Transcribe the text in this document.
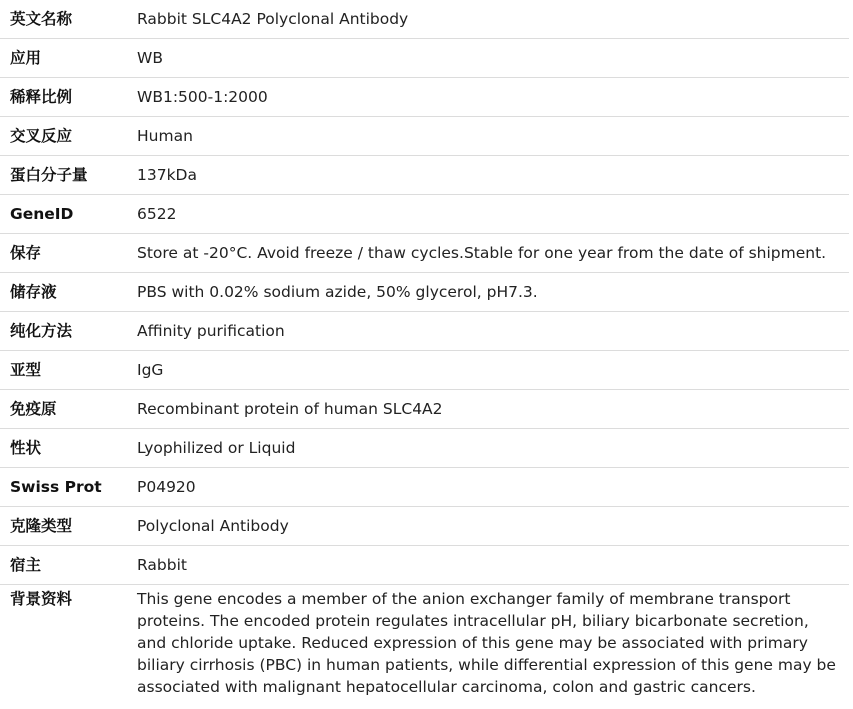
英文名称	Rabbit SLC4A2 Polyclonal Antibody
应用	WB
稀释比例	WB1:500-1:2000
交叉反应	Human
蛋白分子量	137kDa
GeneID	6522
保存	Store at -20°C. Avoid freeze / thaw cycles.Stable for one year from the date of shipment.
储存液	PBS with 0.02% sodium azide, 50% glycerol, pH7.3.
纯化方法	Affinity purification
亚型	IgG
免疫原	Recombinant protein of human SLC4A2
性状	Lyophilized or Liquid
Swiss Prot	P04920
克隆类型	Polyclonal Antibody
宿主	Rabbit
背景资料	This gene encodes a member of the anion exchanger family of membrane transport proteins. The encoded protein regulates intracellular pH, biliary bicarbonate secretion, and chloride uptake. Reduced expression of this gene may be associated with primary biliary cirrhosis (PBC) in human patients, while differential expression of this gene may be associated with malignant hepatocellular carcinoma, colon and gastric cancers.
